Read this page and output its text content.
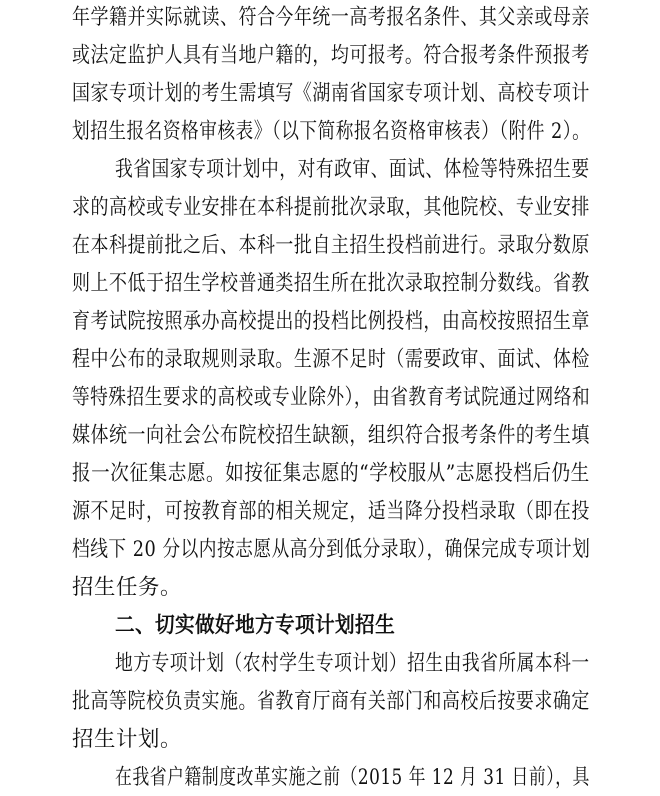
年学籍并实际就读、符合今年统一高考报名条件、其父亲或母亲
或法定监护人具有当地户籍的，均可报考。符合报考条件预报考
国家专项计划的考生需填写《湖南省国家专项计划、高校专项计
划招生报名资格审核表》（以下简称报名资格审核表）（附件 2）。
我省国家专项计划中，对有政审、面试、体检等特殊招生要
求的高校或专业安排在本科提前批次录取，其他院校、专业安排
在本科提前批之后、本科一批自主招生投档前进行。录取分数原
则上不低于招生学校普通类招生所在批次录取控制分数线。省教
育考试院按照承办高校提出的投档比例投档，由高校按照招生章
程中公布的录取规则录取。生源不足时（需要政审、面试、体检
等特殊招生要求的高校或专业除外），由省教育考试院通过网络和
媒体统一向社会公布院校招生缺额，组织符合报考条件的考生填
报一次征集志愿。如按征集志愿的“学校服从”志愿投档后仍生
源不足时，可按教育部的相关规定，适当降分投档录取（即在投
档线下 20 分以内按志愿从高分到低分录取），确保完成专项计划
招生任务。
二、切实做好地方专项计划招生
地方专项计划（农村学生专项计划）招生由我省所属本科一
批高等院校负责实施。省教育厅商有关部门和高校后按要求确定
招生计划。
在我省户籍制度改革实施之前（2015 年 12 月 31 日前），具
